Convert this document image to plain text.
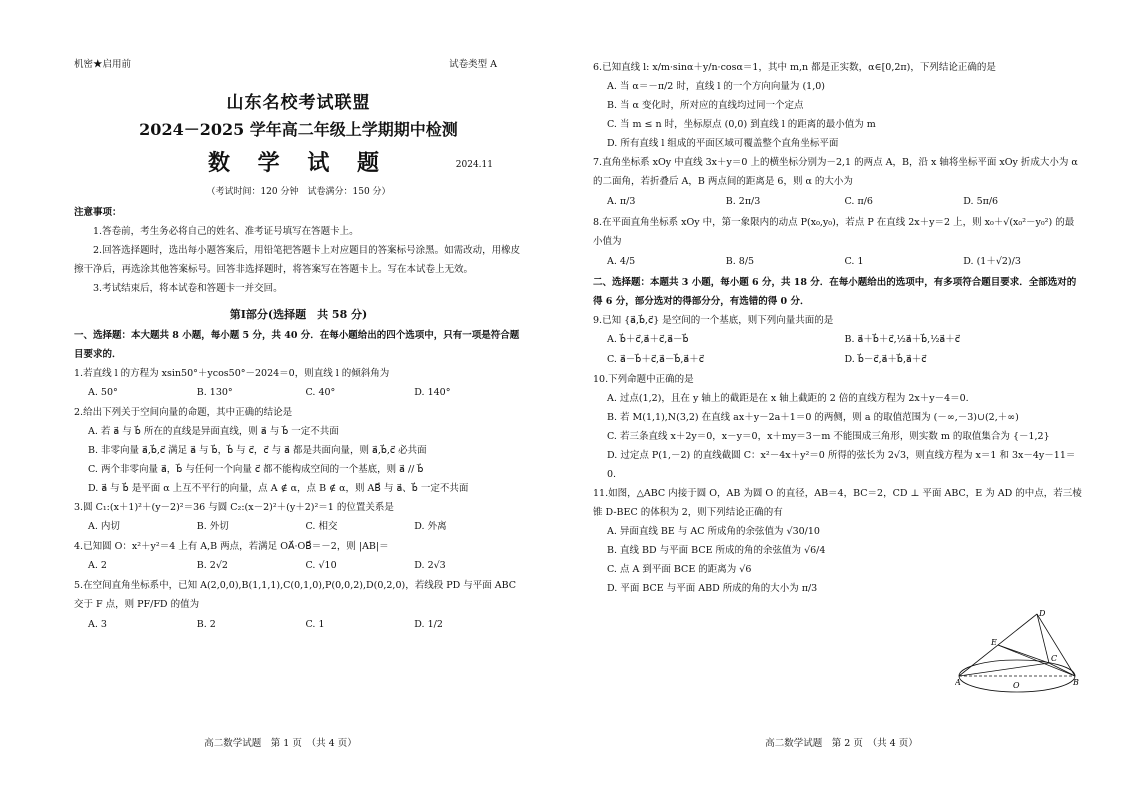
机密★启用前	试卷类型 A
山东名校考试联盟
2024－2025 学年高二年级上学期期中检测
数 学 试 题	2024.11
（考试时间：120 分钟　试卷满分：150 分）

注意事项：

1.答卷前，考生务必将自己的姓名、准考证号填写在答题卡上。

2.回答选择题时，选出每小题答案后，用铅笔把答题卡上对应题目的答案标号涂黑。如需改动，用橡皮擦干净后，再选涂其他答案标号。回答非选择题时，将答案写在答题卡上。写在本试卷上无效。

3.考试结束后，将本试卷和答题卡一并交回。

第Ⅰ部分(选择题　共 58 分)

一、选择题：本大题共 8 小题，每小题 5 分，共 40 分．在每小题给出的四个选项中，只有一项是符合题目要求的．

1.若直线 l 的方程为 xsin50°＋ycos50°－2024＝0，则直线 l 的倾斜角为

A. 50°	B. 130°	C. 40°	D. 140°

2.给出下列关于空间向量的命题，其中正确的结论是

A. 若 a⃗ 与 b⃗ 所在的直线是异面直线，则 a⃗ 与 b⃗ 一定不共面

B. 非零向量 a⃗,b⃗,c⃗ 满足 a⃗ 与 b⃗，b⃗ 与 c⃗，c⃗ 与 a⃗ 都是共面向量，则 a⃗,b⃗,c⃗ 必共面

C. 两个非零向量 a⃗，b⃗ 与任何一个向量 c⃗ 都不能构成空间的一个基底，则 a⃗ // b⃗

D. a⃗ 与 b⃗ 是平面 α 上互不平行的向量，点 A ∉ α，点 B ∉ α，则 AB⃗ 与 a⃗、b⃗ 一定不共面

3.圆 C₁:(x＋1)²＋(y－2)²＝36 与圆 C₂:(x－2)²＋(y＋2)²＝1 的位置关系是

A. 内切	B. 外切	C. 相交	D. 外离

4.已知圆 O：x²＋y²＝4 上有 A,B 两点，若满足 OA⃗·OB⃗＝－2，则 |AB|＝

A. 2	B. 2√2	C. √10	D. 2√3

5.在空间直角坐标系中，已知 A(2,0,0),B(1,1,1),C(0,1,0),P(0,0,2),D(0,2,0)，若线段 PD 与平面 ABC 交于 F 点，则 PF/FD 的值为

A. 3	B. 2	C. 1	D. 1/2
高二数学试题　第 1 页　（共 4 页）

6.已知直线 l: x/m·sinα＋y/n·cosα＝1，其中 m,n 都是正实数，α∈[0,2π)，下列结论正确的是

A. 当 α＝－π/2 时，直线 l 的一个方向向量为 (1,0)

B. 当 α 变化时，所对应的直线均过同一个定点

C. 当 m ≤ n 时，坐标原点 (0,0) 到直线 l 的距离的最小值为 m

D. 所有直线 l 组成的平面区域可覆盖整个直角坐标平面

7.直角坐标系 xOy 中直线 3x＋y＝0 上的横坐标分别为－2,1 的两点 A，B，沿 x 轴将坐标平面 xOy 折成大小为 α 的二面角，若折叠后 A，B 两点间的距离是 6，则 α 的大小为

A. π/3	B. 2π/3	C. π/6	D. 5π/6

8.在平面直角坐标系 xOy 中，第一象限内的动点 P(x₀,y₀)，若点 P 在直线 2x＋y＝2 上，则 x₀＋√(x₀²－y₀²) 的最小值为

A. 4/5	B. 8/5	C. 1	D. (1＋√2)/3

二、选择题：本题共 3 小题，每小题 6 分，共 18 分．在每小题给出的选项中，有多项符合题目要求．全部选对的得 6 分，部分选对的得部分分，有选错的得 0 分．

9.已知 {a⃗,b⃗,c⃗} 是空间的一个基底，则下列向量共面的是

A. b⃗＋c⃗,a⃗＋c⃗,a⃗－b⃗	B. a⃗＋b⃗＋c⃗,½a⃗＋b⃗,½a⃗＋c⃗
C. a⃗－b⃗＋c⃗,a⃗－b⃗,a⃗＋c⃗	D. b⃗－c⃗,a⃗＋b⃗,a⃗＋c⃗

10.下列命题中正确的是

A. 过点(1,2)，且在 y 轴上的截距是在 x 轴上截距的 2 倍的直线方程为 2x＋y－4＝0.

B. 若 M(1,1),N(3,2) 在直线 ax＋y－2a＋1＝0 的两侧，则 a 的取值范围为 (－∞,－3)∪(2,＋∞)

C. 若三条直线 x＋2y＝0，x－y＝0，x＋my＝3－m 不能围成三角形，则实数 m 的取值集合为 {－1,2}

D. 过定点 P(1,－2) 的直线截圆 C：x²－4x＋y²＝0 所得的弦长为 2√3，则直线方程为 x＝1 和 3x－4y－11＝0.

11.如图，△ABC 内接于圆 O，AB 为圆 O 的直径，AB＝4，BC＝2，CD ⊥ 平面 ABC，E 为 AD 的中点，若三棱锥 D-BEC 的体积为 2，则下列结论正确的有

A. 异面直线 BE 与 AC 所成角的余弦值为 √30/10

B. 直线 BD 与平面 BCE 所成的角的余弦值为 √6/4

C. 点 A 到平面 BCE 的距离为 √6

D. 平面 BCE 与平面 ABD 所成的角的大小为 π/3

D
E
C
A	O	B
高二数学试题　第 2 页　（共 4 页）
